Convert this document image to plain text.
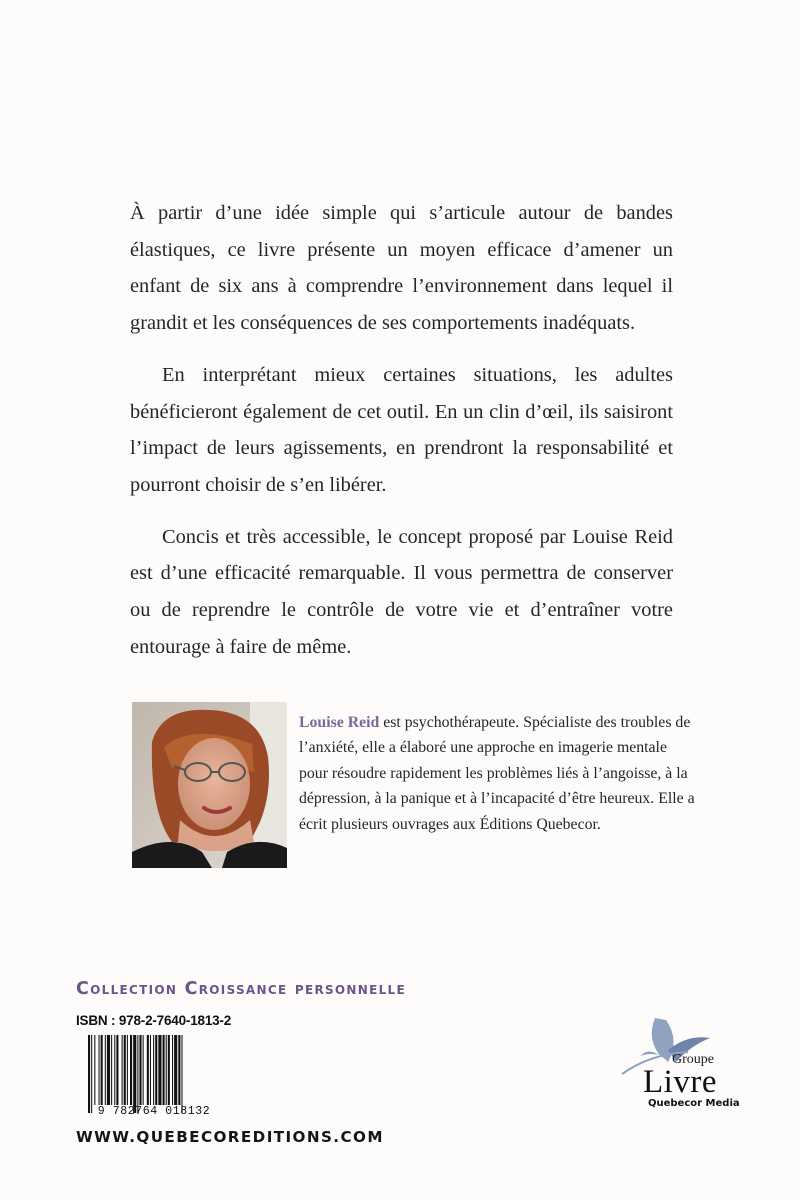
À partir d’une idée simple qui s’articule autour de bandes élastiques, ce livre présente un moyen efficace d’amener un enfant de six ans à comprendre l’environnement dans lequel il grandit et les conséquences de ses comportements inadéquats.

En interprétant mieux certaines situations, les adultes bénéficieront également de cet outil. En un clin d’œil, ils saisiront l’impact de leurs agissements, en prendront la responsabilité et pourront choisir de s’en libérer.

Concis et très accessible, le concept proposé par Louise Reid est d’une efficacité remarquable. Il vous permettra de conserver ou de reprendre le contrôle de votre vie et d’entraîner votre entourage à faire de même.

Louise Reid est psychothérapeute. Spécialiste des troubles de l’anxiété, elle a élaboré une approche en imagerie mentale pour résoudre rapidement les problèmes liés à l’angoisse, à la dépression, à la panique et à l’incapacité d’être heureux. Elle a écrit plusieurs ouvrages aux Éditions Quebecor.
Collection Croissance personnelle
ISBN : 978-2-7640-1813-2
9 782764 018132
Groupe
Livre
Quebecor Media
WWW.QUEBECOREDITIONS.COM
